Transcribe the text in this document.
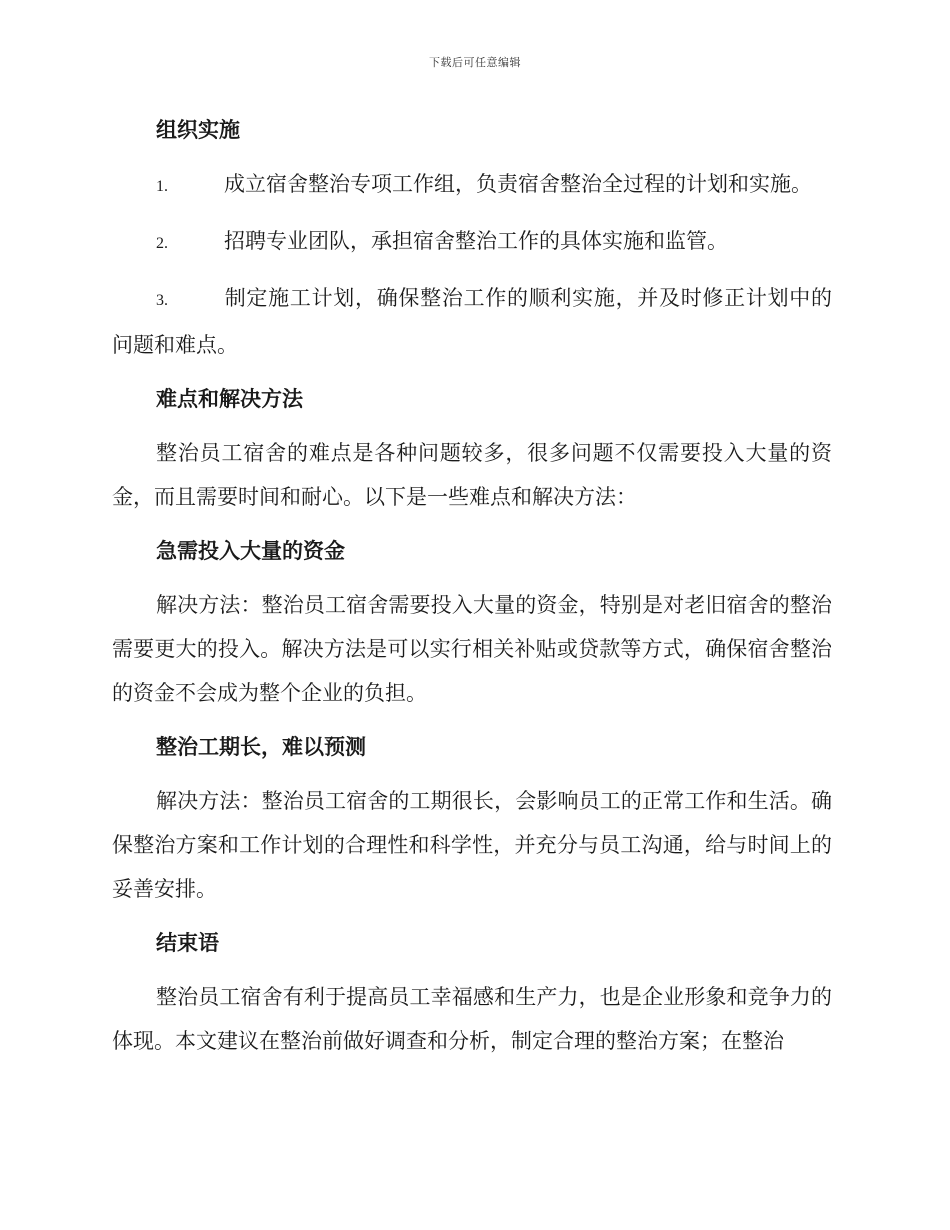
下载后可任意编辑
组织实施
1.	成立宿舍整治专项工作组，负责宿舍整治全过程的计划和实施。
2.	招聘专业团队，承担宿舍整治工作的具体实施和监管。
3.	制定施工计划，确保整治工作的顺利实施，并及时修正计划中的问题和难点。
难点和解决方法
整治员工宿舍的难点是各种问题较多，很多问题不仅需要投入大量的资金，而且需要时间和耐心。以下是一些难点和解决方法：
急需投入大量的资金
解决方法：整治员工宿舍需要投入大量的资金，特别是对老旧宿舍的整治需要更大的投入。解决方法是可以实行相关补贴或贷款等方式，确保宿舍整治的资金不会成为整个企业的负担。
整治工期长，难以预测
解决方法：整治员工宿舍的工期很长，会影响员工的正常工作和生活。确保整治方案和工作计划的合理性和科学性，并充分与员工沟通，给与时间上的妥善安排。
结束语
整治员工宿舍有利于提高员工幸福感和生产力，也是企业形象和竞争力的体现。本文建议在整治前做好调查和分析，制定合理的整治方案；在整治
